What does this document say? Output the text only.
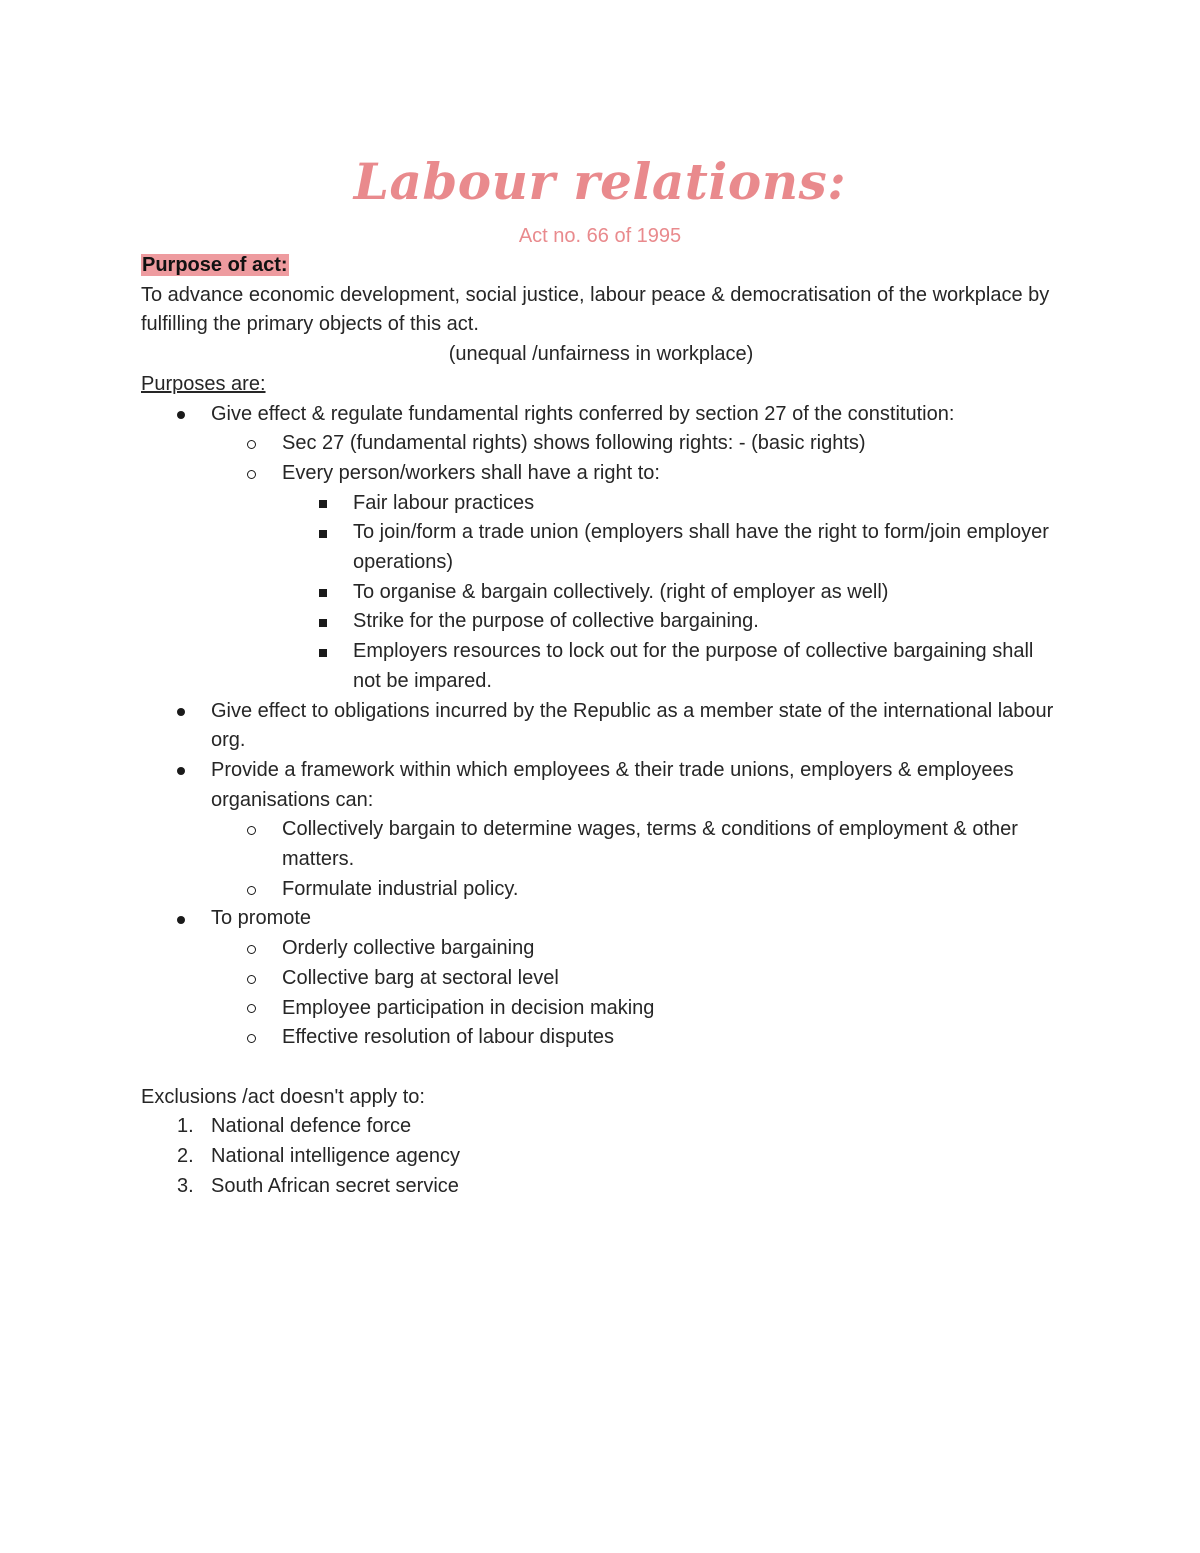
Labour relations:

Act no. 66 of 1995

Purpose of act:

To advance economic development, social justice, labour peace & democratisation of the workplace by fulfilling the primary objects of this act.

(unequal /unfairness in workplace)

Purposes are:

Give effect & regulate fundamental rights conferred by section 27 of the constitution:
Sec 27 (fundamental rights) shows following rights: - (basic rights)
Every person/workers shall have a right to:
Fair labour practices
To join/form a trade union (employers shall have the right to form/join employer operations)
To organise & bargain collectively. (right of employer as well)
Strike for the purpose of collective bargaining.
Employers resources to lock out for the purpose of collective bargaining shall not be impared.
Give effect to obligations incurred by the Republic as a member state of the international labour org.
Provide a framework within which employees & their trade unions, employers & employees organisations can:
Collectively bargain to determine wages, terms & conditions of employment & other matters.
Formulate industrial policy.
To promote
Orderly collective bargaining
Collective barg at sectoral level
Employee participation in decision making
Effective resolution of labour disputes

Exclusions /act doesn't apply to:

1. National defence force
2. National intelligence agency
3. South African secret service
